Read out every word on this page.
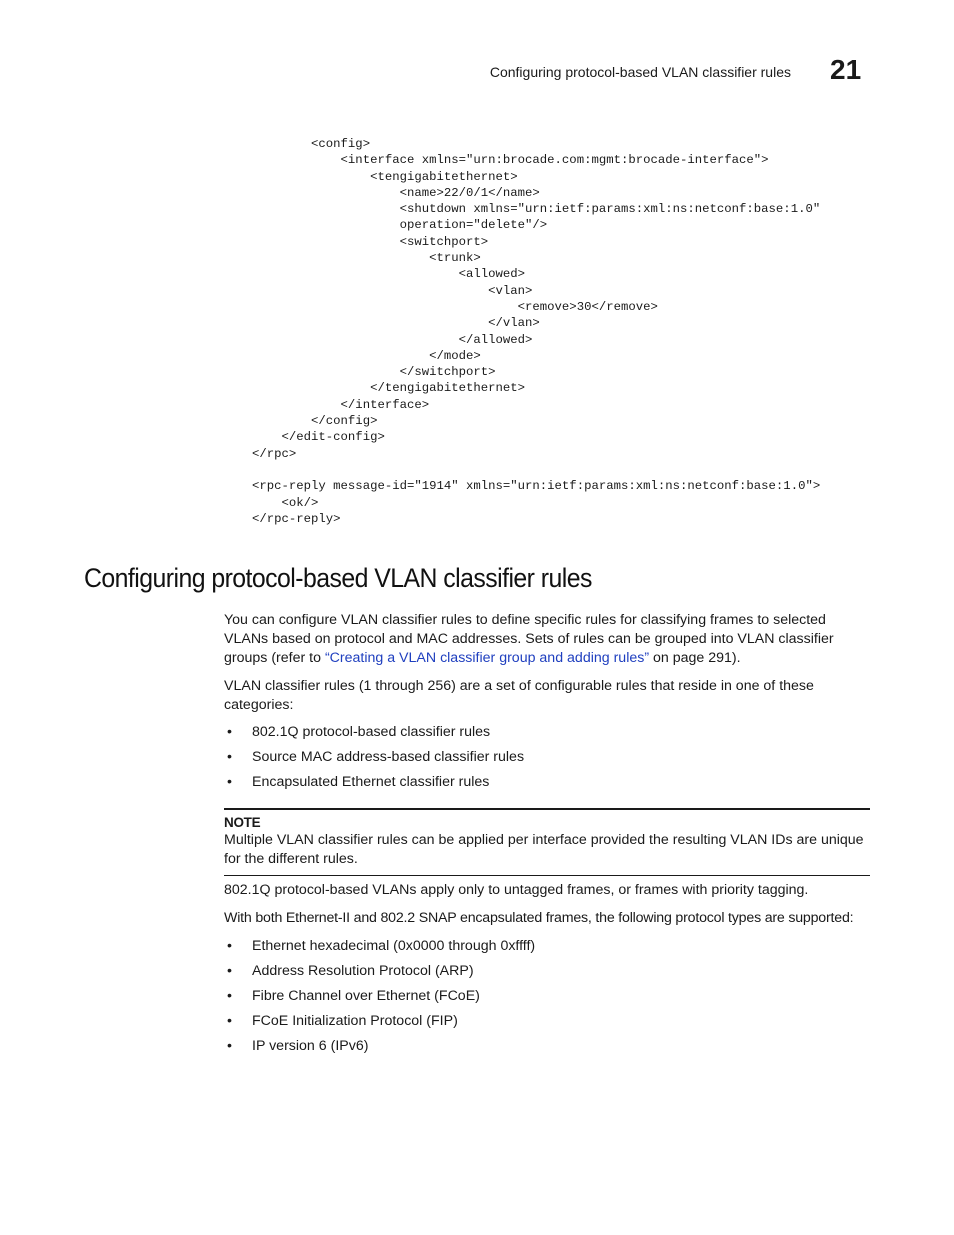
Configuring protocol-based VLAN classifier rules 21
<config>
<interface xmlns="urn:brocade.com:mgmt:brocade-interface">
<tengigabitethernet>
<name>22/0/1</name>
<shutdown xmlns="urn:ietf:params:xml:ns:netconf:base:1.0"
operation="delete"/>
<switchport>
<trunk>
<allowed>
<vlan>
<remove>30</remove>
</vlan>
</allowed>
</mode>
</switchport>
</tengigabitethernet>
</interface>
</config>
</edit-config>
</rpc>
<rpc-reply message-id="1914" xmlns="urn:ietf:params:xml:ns:netconf:base:1.0">
<ok/>
</rpc-reply>
Configuring protocol-based VLAN classifier rules

You can configure VLAN classifier rules to define specific rules for classifying frames to selected VLANs based on protocol and MAC addresses. Sets of rules can be grouped into VLAN classifier groups (refer to “Creating a VLAN classifier group and adding rules” on page 291).

VLAN classifier rules (1 through 256) are a set of configurable rules that reside in one of these categories:

• 802.1Q protocol-based classifier rules
• Source MAC address-based classifier rules
• Encapsulated Ethernet classifier rules
NOTE
Multiple VLAN classifier rules can be applied per interface provided the resulting VLAN IDs are unique for the different rules.

802.1Q protocol-based VLANs apply only to untagged frames, or frames with priority tagging.

With both Ethernet-II and 802.2 SNAP encapsulated frames, the following protocol types are supported:

• Ethernet hexadecimal (0x0000 through 0xffff)
• Address Resolution Protocol (ARP)
• Fibre Channel over Ethernet (FCoE)
• FCoE Initialization Protocol (FIP)
• IP version 6 (IPv6)
